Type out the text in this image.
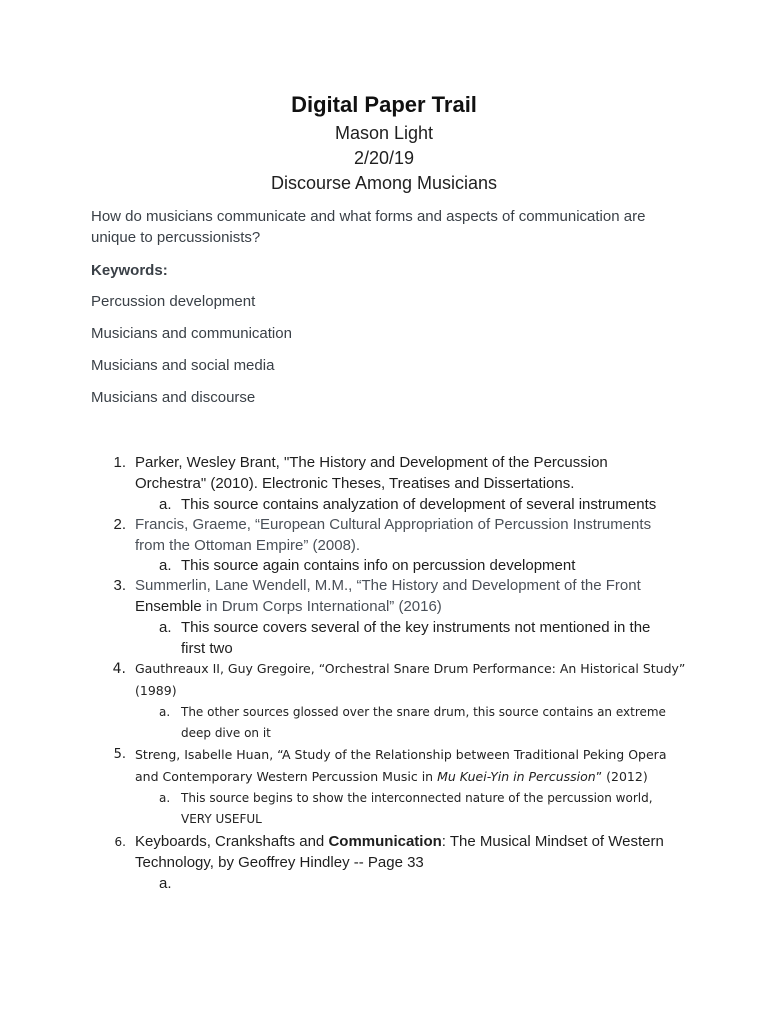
Digital Paper Trail
Mason Light
2/20/19
Discourse Among Musicians
How do musicians communicate and what forms and aspects of communication are unique to percussionists?
Keywords:
Percussion development
Musicians and communication
Musicians and social media
Musicians and discourse
1. Parker, Wesley Brant, "The History and Development of the Percussion
Orchestra" (2010). Electronic Theses, Treatises and Dissertations.
a. This source contains analyzation of development of several instruments
2. Francis, Graeme, “European Cultural Appropriation of Percussion Instruments
from the Ottoman Empire” (2008).
a. This source again contains info on percussion development
3. Summerlin, Lane Wendell, M.M., “The History and Development of the Front
Ensemble in Drum Corps International” (2016)
a. This source covers several of the key instruments not mentioned in the
first two
4. Gauthreaux II, Guy Gregoire, “Orchestral Snare Drum Performance: An Historical Study”
(1989)
a. The other sources glossed over the snare drum, this source contains an extreme
deep dive on it
5. Streng, Isabelle Huan, “A Study of the Relationship between Traditional Peking Opera
and Contemporary Western Percussion Music in Mu Kuei-Yin in Percussion” (2012)
a. This source begins to show the interconnected nature of the percussion world,
VERY USEFUL
6. Keyboards, Crankshafts and Communication: The Musical Mindset of Western
Technology, by Geoffrey Hindley -- Page 33
a.
